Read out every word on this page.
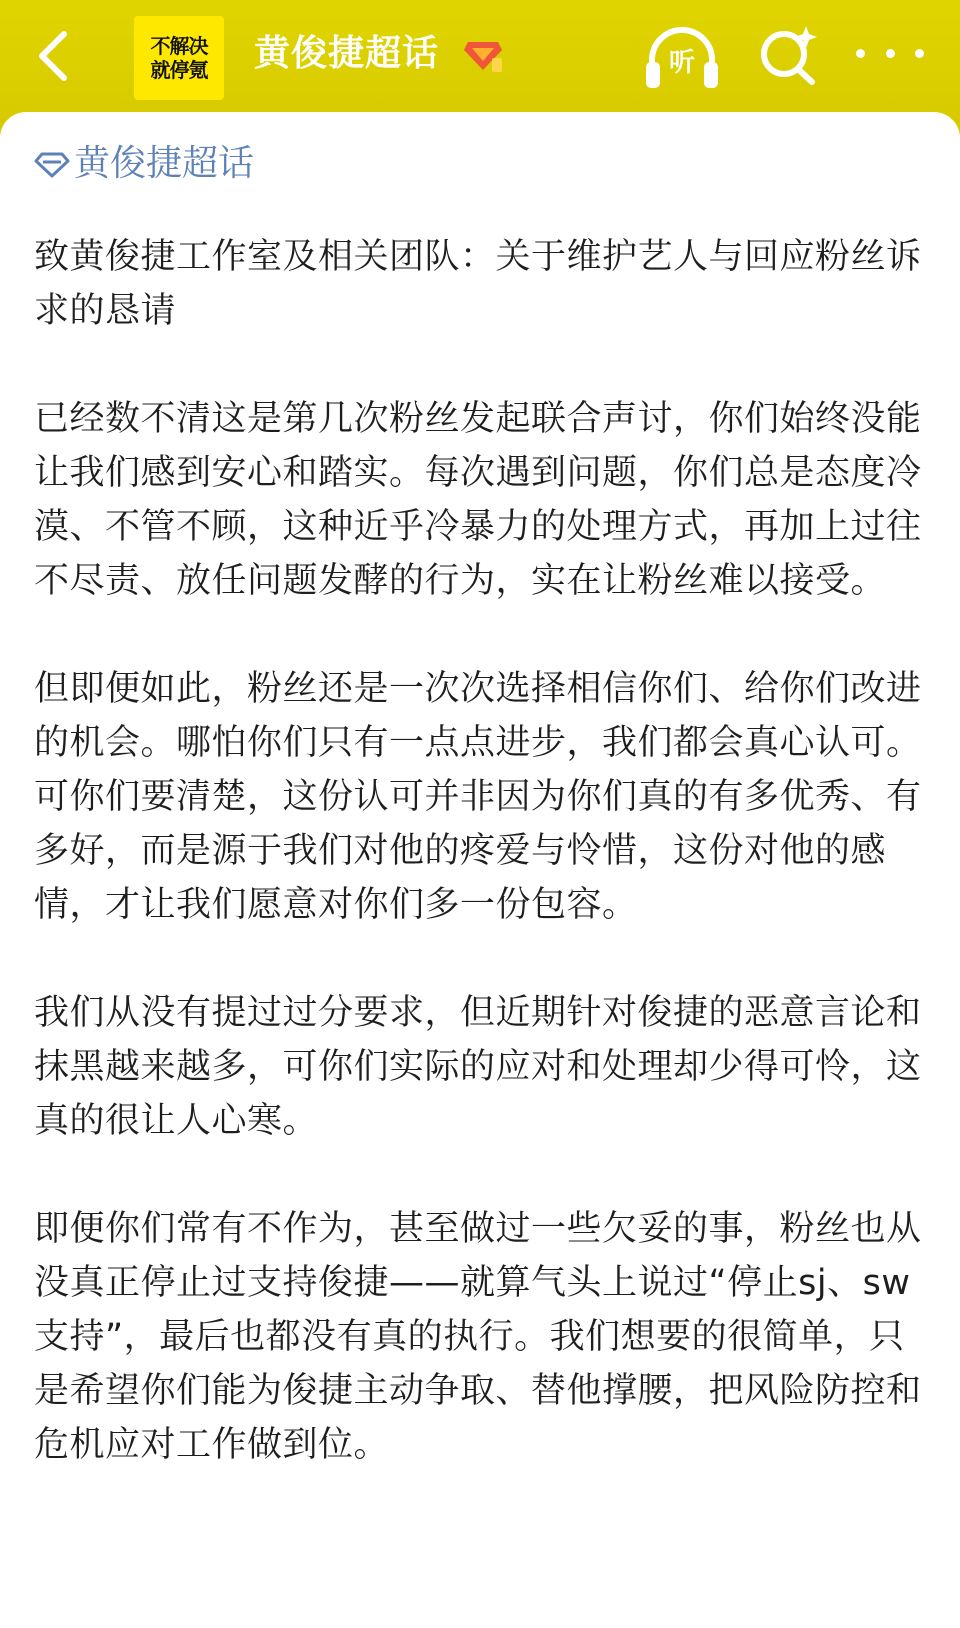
不解决
就停氪 黄俊捷超话	听
黄俊捷超话

致黄俊捷工作室及相关团队：关于维护艺人与回应粉丝诉求的恳请

已经数不清这是第几次粉丝发起联合声讨，你们始终没能让我们感到安心和踏实。每次遇到问题，你们总是态度冷漠、不管不顾，这种近乎冷暴力的处理方式，再加上过往不尽责、放任问题发酵的行为，实在让粉丝难以接受。

但即便如此，粉丝还是一次次选择相信你们、给你们改进的机会。哪怕你们只有一点点进步，我们都会真心认可。可你们要清楚，这份认可并非因为你们真的有多优秀、有多好，而是源于我们对他的疼爱与怜惜，这份对他的感情，才让我们愿意对你们多一份包容。

我们从没有提过过分要求，但近期针对俊捷的恶意言论和抹黑越来越多，可你们实际的应对和处理却少得可怜，这真的很让人心寒。

即便你们常有不作为，甚至做过一些欠妥的事，粉丝也从没真正停止过支持俊捷——就算气头上说过“停止sj、sw支持”，最后也都没有真的执行。我们想要的很简单，只是希望你们能为俊捷主动争取、替他撑腰，把风险防控和危机应对工作做到位。
